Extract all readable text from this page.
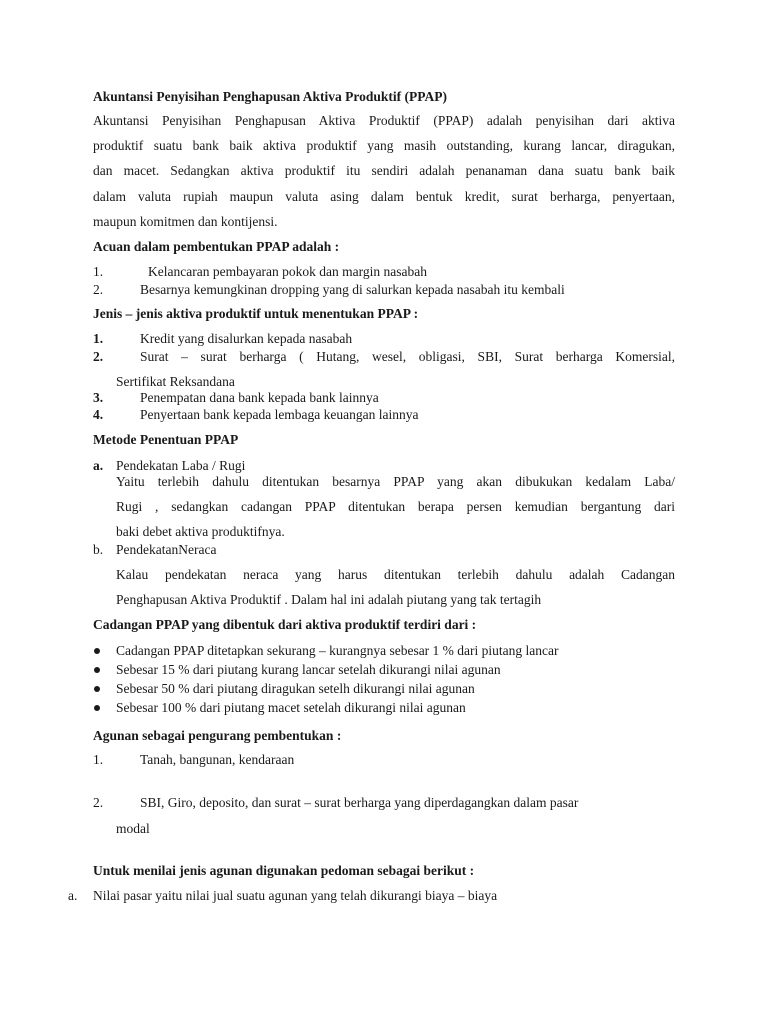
Akuntansi Penyisihan Penghapusan Aktiva Produktif (PPAP)
Akuntansi Penyisihan Penghapusan Aktiva Produktif (PPAP) adalah penyisihan dari aktiva
produktif suatu bank baik aktiva produktif yang masih outstanding, kurang lancar, diragukan,
dan macet. Sedangkan aktiva produktif itu sendiri adalah penanaman dana suatu bank baik
dalam valuta rupiah maupun valuta asing dalam bentuk kredit, surat berharga, penyertaan,
maupun komitmen dan kontijensi.
Acuan dalam pembentukan PPAP adalah :
1.	Kelancaran pembayaran pokok dan margin nasabah
2.	Besarnya kemungkinan dropping yang di salurkan kepada nasabah itu kembali
Jenis – jenis aktiva produktif untuk menentukan PPAP :
1.	Kredit yang disalurkan kepada nasabah
2.	Surat – surat berharga ( Hutang, wesel, obligasi, SBI, Surat berharga Komersial,
Sertifikat Reksandana
3.	Penempatan dana bank kepada bank lainnya
4.	Penyertaan bank kepada lembaga keuangan lainnya
Metode Penentuan PPAP
a. Pendekatan Laba / Rugi
Yaitu terlebih dahulu ditentukan besarnya PPAP yang akan dibukukan kedalam Laba/
Rugi , sedangkan cadangan PPAP ditentukan berapa persen kemudian bergantung dari
baki debet aktiva produktifnya.
b. PendekatanNeraca
Kalau pendekatan neraca yang harus ditentukan terlebih dahulu adalah Cadangan
Penghapusan Aktiva Produktif . Dalam hal ini adalah piutang yang tak tertagih
Cadangan PPAP yang dibentuk dari aktiva produktif terdiri dari :
Cadangan PPAP ditetapkan sekurang – kurangnya sebesar 1 % dari piutang lancar
Sebesar 15 % dari piutang kurang lancar setelah dikurangi nilai agunan
Sebesar 50 % dari piutang diragukan setelh dikurangi nilai agunan
Sebesar 100 % dari piutang macet setelah dikurangi nilai agunan
Agunan sebagai pengurang pembentukan :
1.	Tanah, bangunan, kendaraan
2.	SBI, Giro, deposito, dan surat – surat berharga yang diperdagangkan dalam pasar
modal
Untuk menilai jenis agunan digunakan pedoman sebagai berikut :
a. Nilai pasar yaitu nilai jual suatu agunan yang telah dikurangi biaya – biaya
